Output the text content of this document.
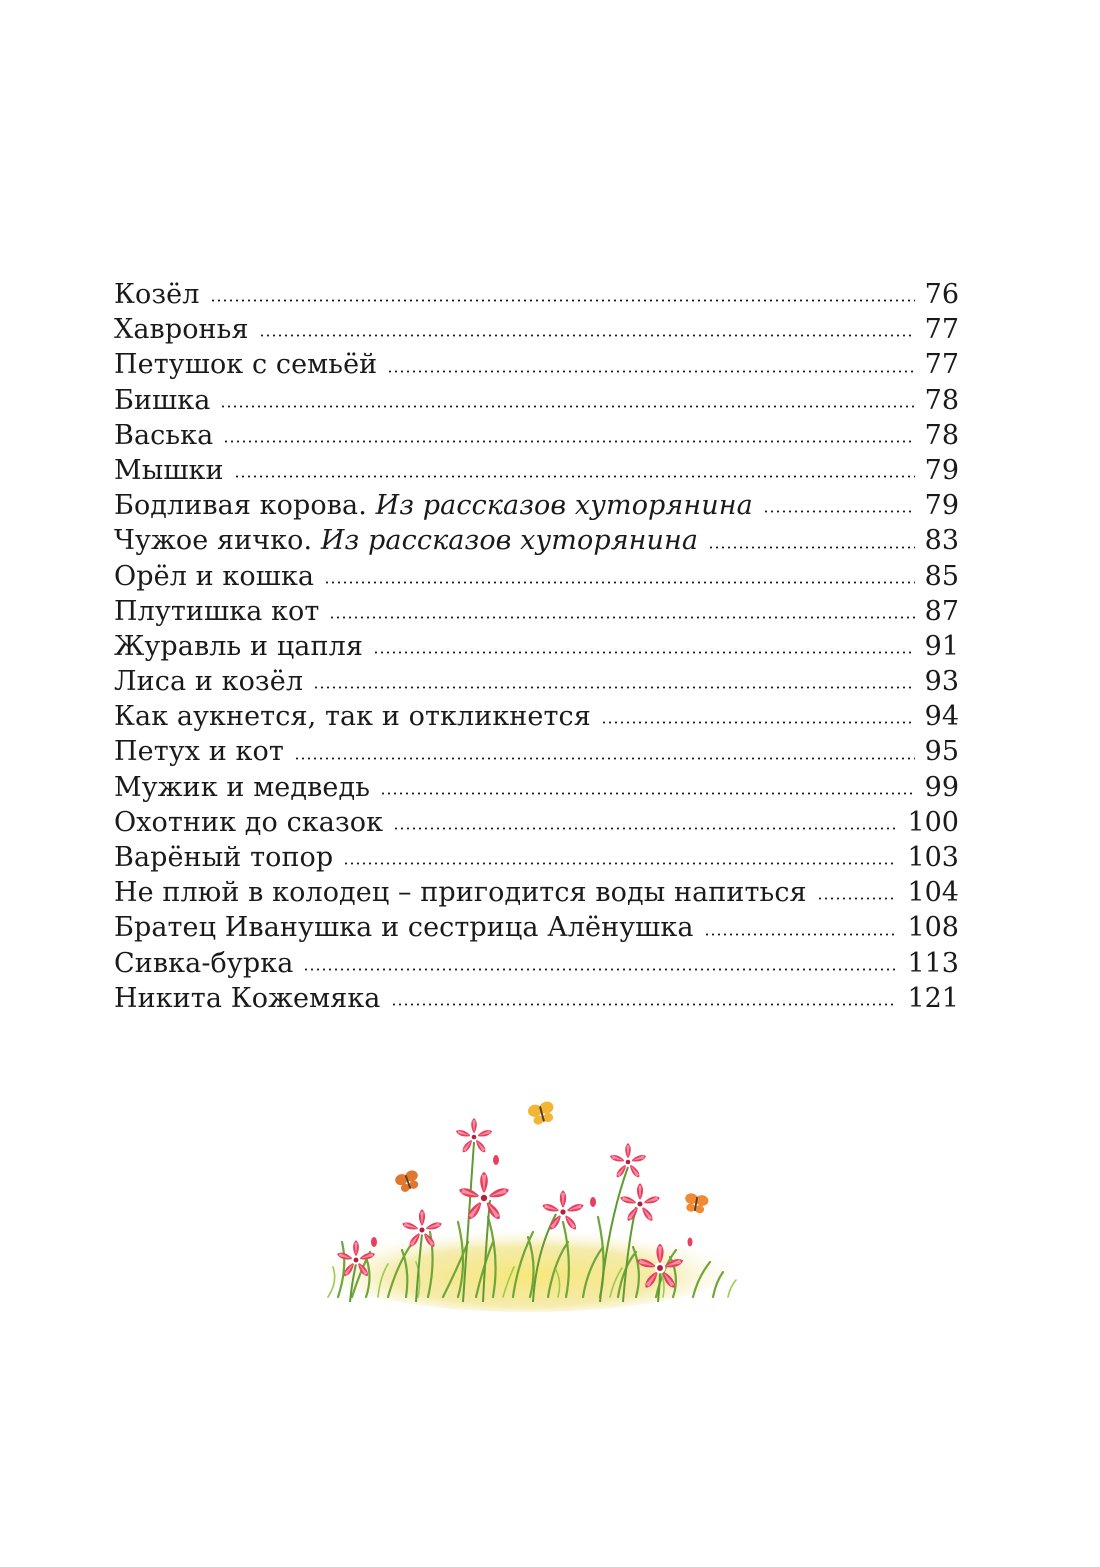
Козёл	76
Хавронья	77
Петушок с семьёй	77
Бишка	78
Васька	78
Мышки	79
Бодливая корова. Из рассказов хуторянина	79
Чужое яичко. Из рассказов хуторянина	83
Орёл и кошка	85
Плутишка кот	87
Журавль и цапля	91
Лиса и козёл	93
Как аукнется, так и откликнется	94
Петух и кот	95
Мужик и медведь	99
Охотник до сказок	100
Варёный топор	103
Не плюй в колодец – пригодится воды напиться	104
Братец Иванушка и сестрица Алёнушка	108
Сивка-бурка	113
Никита Кожемяка	121
